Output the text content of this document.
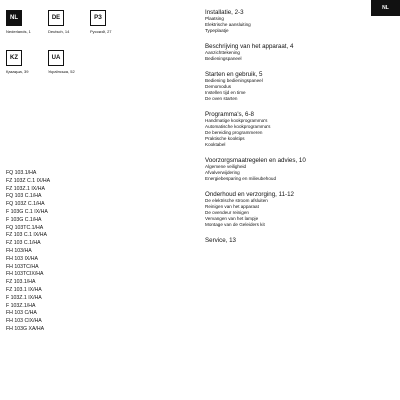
NL
NL
Nederlands, 1
DE
Deutsch, 14
РЗ
Русский, 27
KZ
Қазақша, 39
UA
Українська, 52
FQ 103.1/HA
FZ 103Z C.1 IX/HA
FZ 103Z.1 IX/HA
FQ 103 C.1/HA
FQ 103Z C.1/HA
F 103G C.1 IX/HA
F 103G C.1/HA
FQ 103TC.1/HA
FZ 103 C.1 IX/HA
FZ 103 C.1/HA
FH 103/HA
FH 103 IX/HA
FH 103TC/HA
FH 103TCIX/HA
FZ 103.1/HA
FZ 103.1 IX/HA
F 103Z.1 IX/HA
F 103Z.1/HA
FH 103 C/HA
FH 103 CIX/HA
FH 103G XA/HA
Installatie, 2-3
Plaatsing
Elektrische aansluiting
Typeplaatje
Beschrijving van het apparaat, 4
Aanzichttekening
Bedieningspaneel
Starten en gebruik, 5
Bediening bedieningspaneel
Demomodus
Instellen tijd en time
De oven starten
Programma's, 6-8
Handmatige kookprogramma's
Automatische kookprogramma's
De bereiding programmeren
Praktische kooktips
Kooktabel
Voorzorgsmaatregelen en advies, 10
Algemene veiligheid
Afvalverwijdering
Energiebesparing en milieubehoud
Onderhoud en verzorging, 11-12
De elektrische stroom afsluiten
Reinigen van het apparaat
De ovendeur reinigen
Vervangen van het lampje
Montage van de Geleiders kit
Service, 13
